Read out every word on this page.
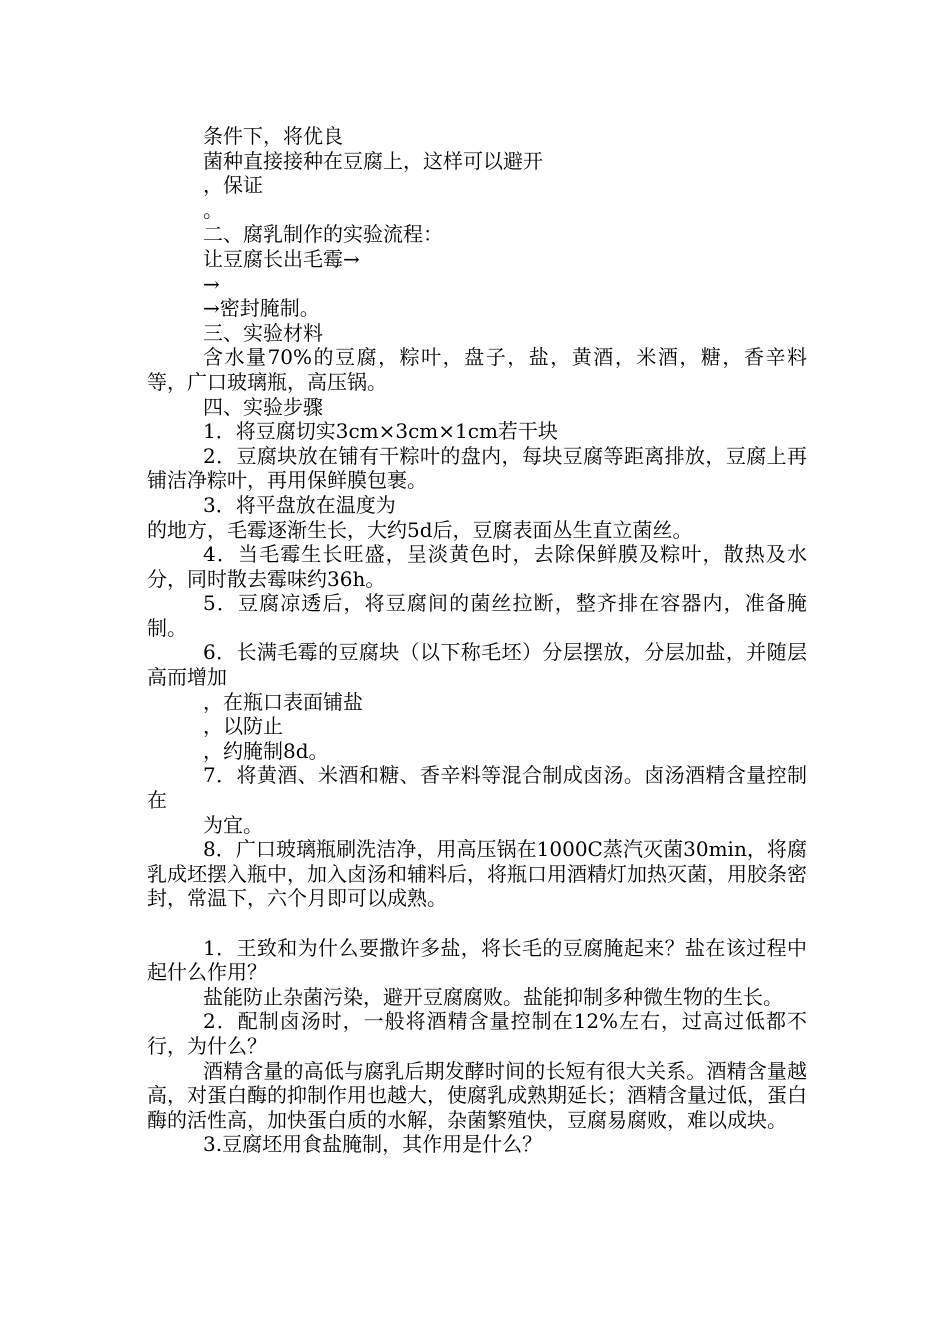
条件下，将优良

菌种直接接种在豆腐上，这样可以避开

，保证

。

二、腐乳制作的实验流程：

让豆腐长出毛霉→

→

→密封腌制。

三、实验材料

含水量70%的豆腐，粽叶，盘子，盐，黄酒，米酒，糖，香辛料等，广口玻璃瓶，高压锅。

四、实验步骤

1．将豆腐切实3cm×3cm×1cm若干块

2．豆腐块放在铺有干粽叶的盘内，每块豆腐等距离排放，豆腐上再铺洁净粽叶，再用保鲜膜包裹。

3．将平盘放在温度为

的地方，毛霉逐渐生长，大约5d后，豆腐表面丛生直立菌丝。

4．当毛霉生长旺盛，呈淡黄色时，去除保鲜膜及粽叶，散热及水分，同时散去霉味约36h。

5．豆腐凉透后，将豆腐间的菌丝拉断，整齐排在容器内，准备腌制。

6．长满毛霉的豆腐块（以下称毛坯）分层摆放，分层加盐，并随层高而增加

，在瓶口表面铺盐

，以防止

，约腌制8d。

7．将黄酒、米酒和糖、香辛料等混合制成卤汤。卤汤酒精含量控制在

为宜。

8．广口玻璃瓶刷洗洁净，用高压锅在1000C蒸汽灭菌30min，将腐乳成坯摆入瓶中，加入卤汤和辅料后，将瓶口用酒精灯加热灭菌，用胶条密封，常温下，六个月即可以成熟。

1．王致和为什么要撒许多盐，将长毛的豆腐腌起来？盐在该过程中起什么作用？

盐能防止杂菌污染，避开豆腐腐败。盐能抑制多种微生物的生长。

2．配制卤汤时，一般将酒精含量控制在12%左右，过高过低都不行，为什么？

酒精含量的高低与腐乳后期发酵时间的长短有很大关系。酒精含量越高，对蛋白酶的抑制作用也越大，使腐乳成熟期延长；酒精含量过低，蛋白酶的活性高，加快蛋白质的水解，杂菌繁殖快，豆腐易腐败，难以成块。

3.豆腐坯用食盐腌制，其作用是什么？
